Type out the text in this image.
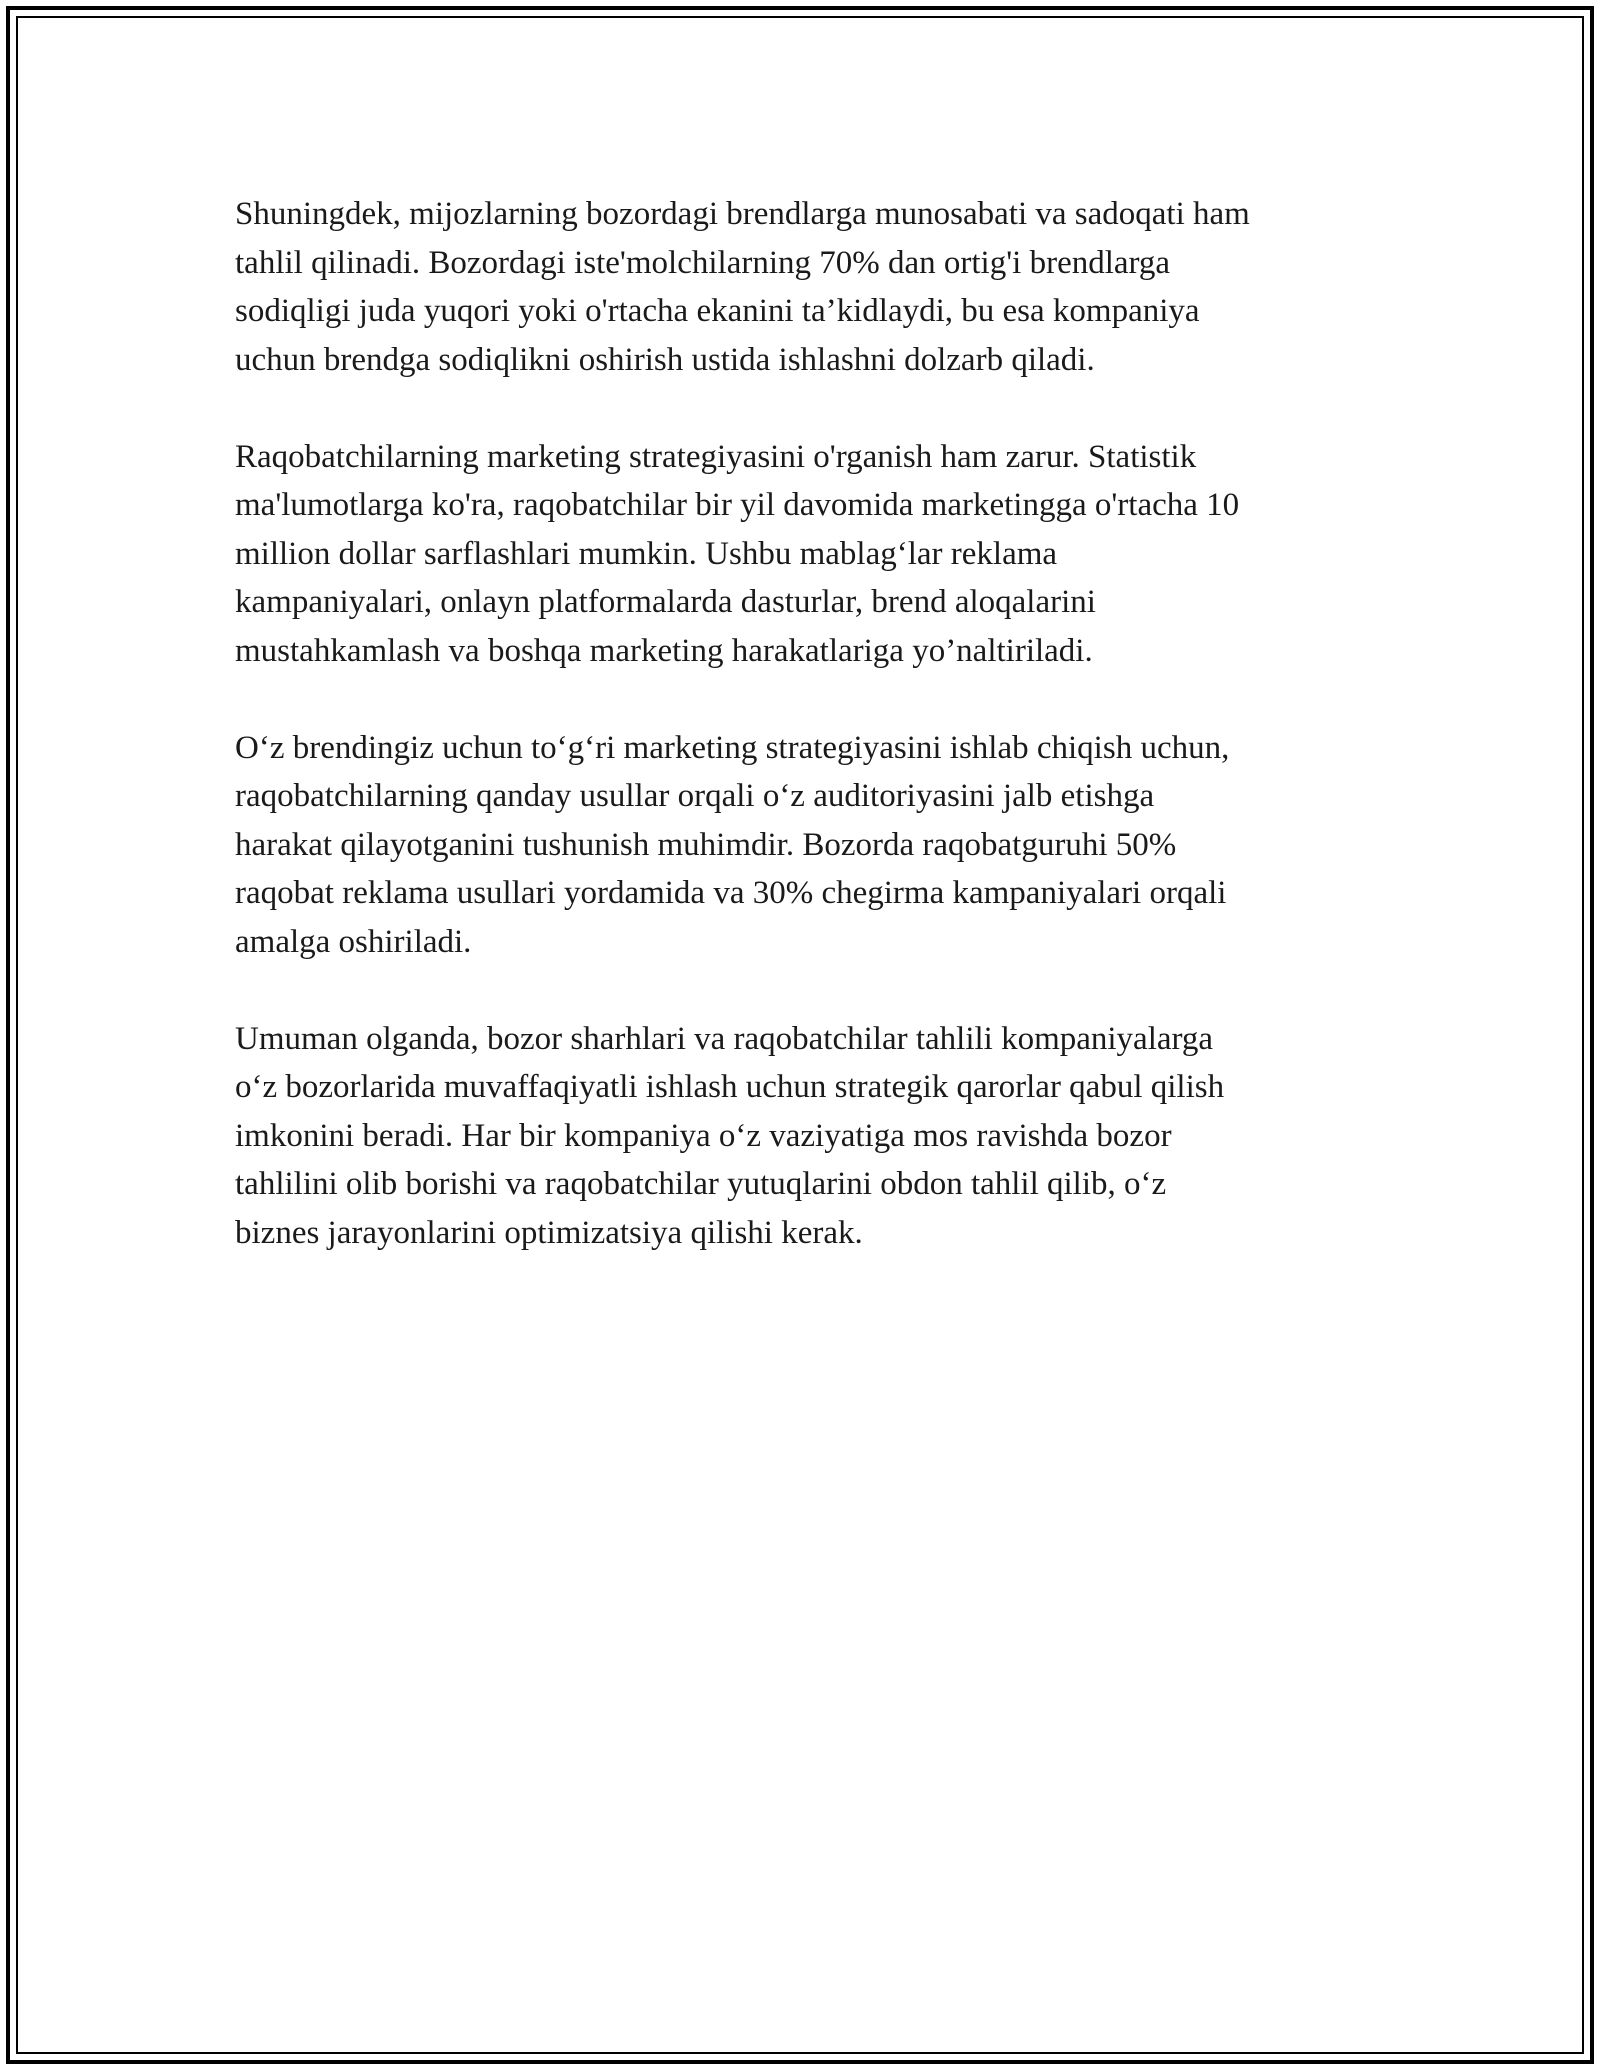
Shuningdek, mijozlarning bozordagi brendlarga munosabati va sadoqati ham
tahlil qilinadi. Bozordagi iste'molchilarning 70% dan ortig'i brendlarga
sodiqligi juda yuqori yoki o'rtacha ekanini ta’kidlaydi, bu esa kompaniya
uchun brendga sodiqlikni oshirish ustida ishlashni dolzarb qiladi.

Raqobatchilarning marketing strategiyasini o'rganish ham zarur. Statistik
ma'lumotlarga ko'ra, raqobatchilar bir yil davomida marketingga o'rtacha 10
million dollar sarflashlari mumkin. Ushbu mablag‘lar reklama
kampaniyalari, onlayn platformalarda dasturlar, brend aloqalarini
mustahkamlash va boshqa marketing harakatlariga yo’naltiriladi.

O‘z brendingiz uchun to‘g‘ri marketing strategiyasini ishlab chiqish uchun,
raqobatchilarning qanday usullar orqali o‘z auditoriyasini jalb etishga
harakat qilayotganini tushunish muhimdir. Bozorda raqobatguruhi 50%
raqobat reklama usullari yordamida va 30% chegirma kampaniyalari orqali
amalga oshiriladi.

Umuman olganda, bozor sharhlari va raqobatchilar tahlili kompaniyalarga
o‘z bozorlarida muvaffaqiyatli ishlash uchun strategik qarorlar qabul qilish
imkonini beradi. Har bir kompaniya o‘z vaziyatiga mos ravishda bozor
tahlilini olib borishi va raqobatchilar yutuqlarini obdon tahlil qilib, o‘z
biznes jarayonlarini optimizatsiya qilishi kerak.
